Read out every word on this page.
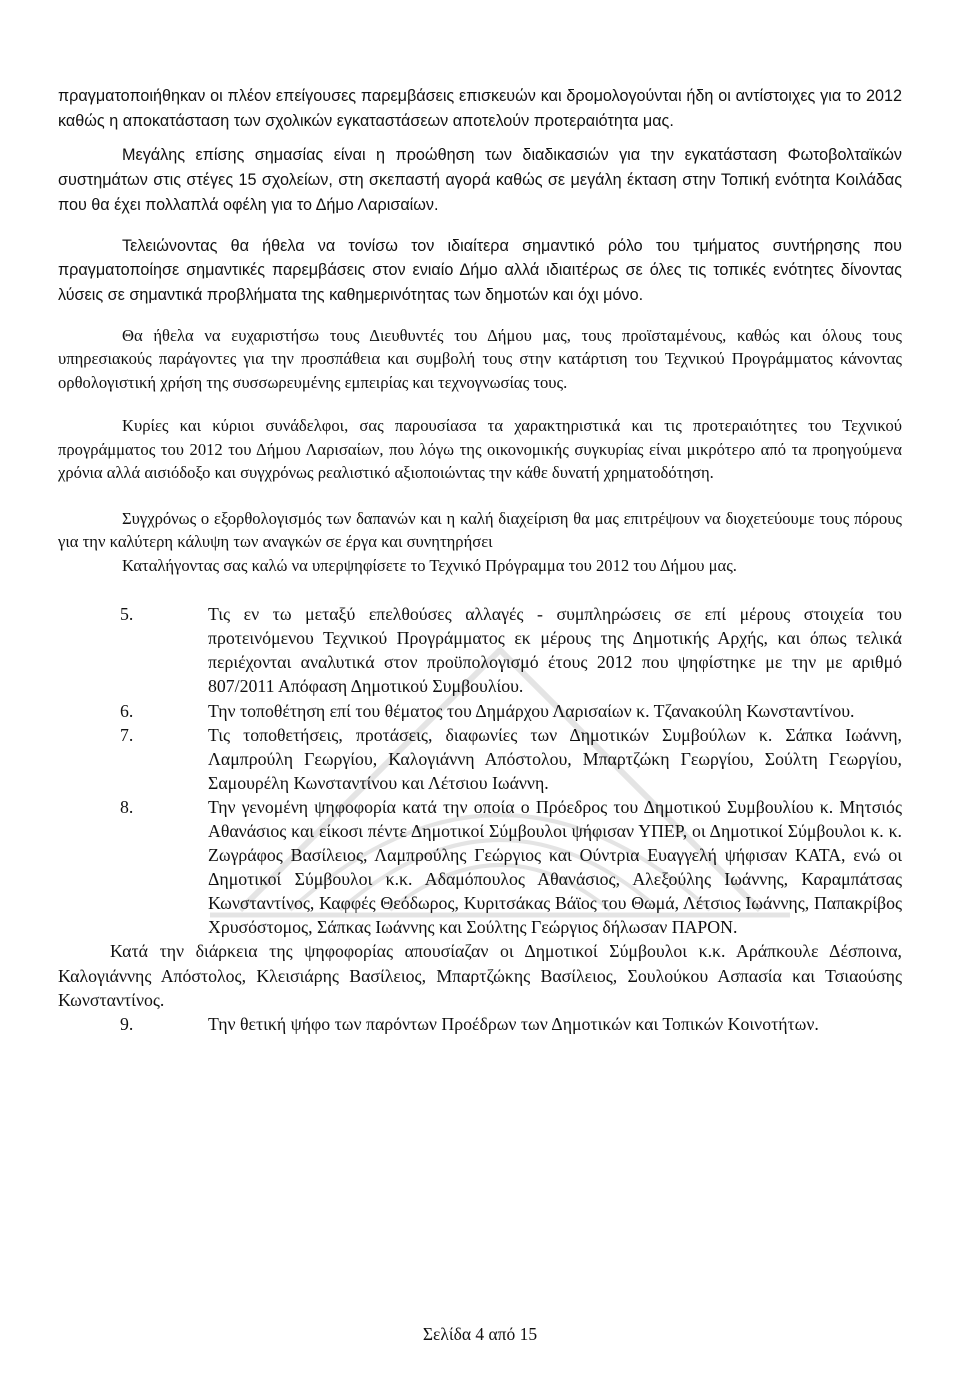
πραγματοποιήθηκαν οι πλέον επείγουσες παρεμβάσεις επισκευών και δρομολογούνται ήδη οι αντίστοιχες για το 2012 καθώς η αποκατάσταση των σχολικών εγκαταστάσεων αποτελούν προτεραιότητα μας.

Μεγάλης επίσης σημασίας είναι η προώθηση των διαδικασιών για την εγκατάσταση Φωτοβολταϊκών συστημάτων στις στέγες 15 σχολείων, στη σκεπαστή αγορά καθώς σε μεγάλη έκταση στην Τοπική ενότητα Κοιλάδας που θα έχει πολλαπλά οφέλη για το Δήμο Λαρισαίων.

Τελειώνοντας θα ήθελα να τονίσω τον ιδιαίτερα σημαντικό ρόλο του τμήματος συντήρησης που πραγματοποίησε σημαντικές παρεμβάσεις στον ενιαίο Δήμο αλλά ιδιαιτέρως σε όλες τις τοπικές ενότητες δίνοντας λύσεις σε σημαντικά προβλήματα της καθημερινότητας των δημοτών και όχι μόνο.

Θα ήθελα να ευχαριστήσω τους Διευθυντές του Δήμου μας, τους προϊσταμένους, καθώς και όλους τους υπηρεσιακούς παράγοντες για την προσπάθεια και συμβολή τους στην κατάρτιση του Τεχνικού Προγράμματος κάνοντας ορθολογιστική χρήση της συσσωρευμένης εμπειρίας και τεχνογνωσίας τους.

Κυρίες και κύριοι συνάδελφοι, σας παρουσίασα τα χαρακτηριστικά και τις προτεραιότητες του Τεχνικού προγράμματος του 2012 του Δήμου Λαρισαίων, που λόγω της οικονομικής συγκυρίας είναι μικρότερο από τα προηγούμενα χρόνια αλλά αισιόδοξο και συγχρόνως ρεαλιστικό αξιοποιώντας την κάθε δυνατή χρηματοδότηση.

Συγχρόνως ο εξορθολογισμός των δαπανών και η καλή διαχείριση θα μας επιτρέψουν να διοχετεύουμε τους πόρους για την καλύτερη κάλυψη των αναγκών σε έργα και συνητηρήσει

Καταλήγοντας σας καλώ να υπερψηφίσετε το Τεχνικό Πρόγραμμα του 2012 του Δήμου μας.

5.	Τις εν τω μεταξύ επελθούσες αλλαγές - συμπληρώσεις σε επί μέρους στοιχεία του προτεινόμενου Τεχνικού Προγράμματος εκ μέρους της Δημοτικής Αρχής, και όπως τελικά περιέχονται αναλυτικά στον προϋπολογισμό έτους 2012 που ψηφίστηκε με την με αριθμό 807/2011 Απόφαση Δημοτικού Συμβουλίου.
6.	Την τοποθέτηση επί του θέματος του Δημάρχου Λαρισαίων κ. Τζανακούλη Κωνσταντίνου.
7.	Τις τοποθετήσεις, προτάσεις, διαφωνίες των Δημοτικών Συμβούλων κ. Σάπκα Ιωάννη, Λαμπρούλη Γεωργίου, Καλογιάννη Απόστολου, Μπαρτζώκη Γεωργίου, Σούλτη Γεωργίου, Σαμουρέλη Κωνσταντίνου και Λέτσιου Ιωάννη.
8.	Την γενομένη ψηφοφορία κατά την οποία ο Πρόεδρος του Δημοτικού Συμβουλίου κ. Μητσιός Αθανάσιος και είκοσι πέντε Δημοτικοί Σύμβουλοι ψήφισαν ΥΠΕΡ, οι Δημοτικοί Σύμβουλοι κ. κ. Ζωγράφος Βασίλειος, Λαμπρούλης Γεώργιος και Ούντρια Ευαγγελή ψήφισαν ΚΑΤΑ, ενώ οι Δημοτικοί Σύμβουλοι κ.κ. Αδαμόπουλος Αθανάσιος, Αλεξούλης Ιωάννης, Καραμπάτσας Κωνσταντίνος, Καφφές Θεόδωρος, Κυριτσάκας Βάϊος του Θωμά, Λέτσιος Ιωάννης, Παπακρίβος Χρυσόστομος, Σάπκας Ιωάννης και Σούλτης Γεώργιος δήλωσαν ΠΑΡΟΝ.

Κατά την διάρκεια της ψηφοφορίας απουσίαζαν οι Δημοτικοί Σύμβουλοι κ.κ. Αράπκουλε Δέσποινα, Καλογιάννης Απόστολος, Κλεισιάρης Βασίλειος, Μπαρτζώκης Βασίλειος, Σουλούκου Ασπασία και Τσιαούσης Κωνσταντίνος.

9.	Την θετική ψήφο των παρόντων Προέδρων των Δημοτικών και Τοπικών Κοινοτήτων.
Σελίδα 4 από 15
